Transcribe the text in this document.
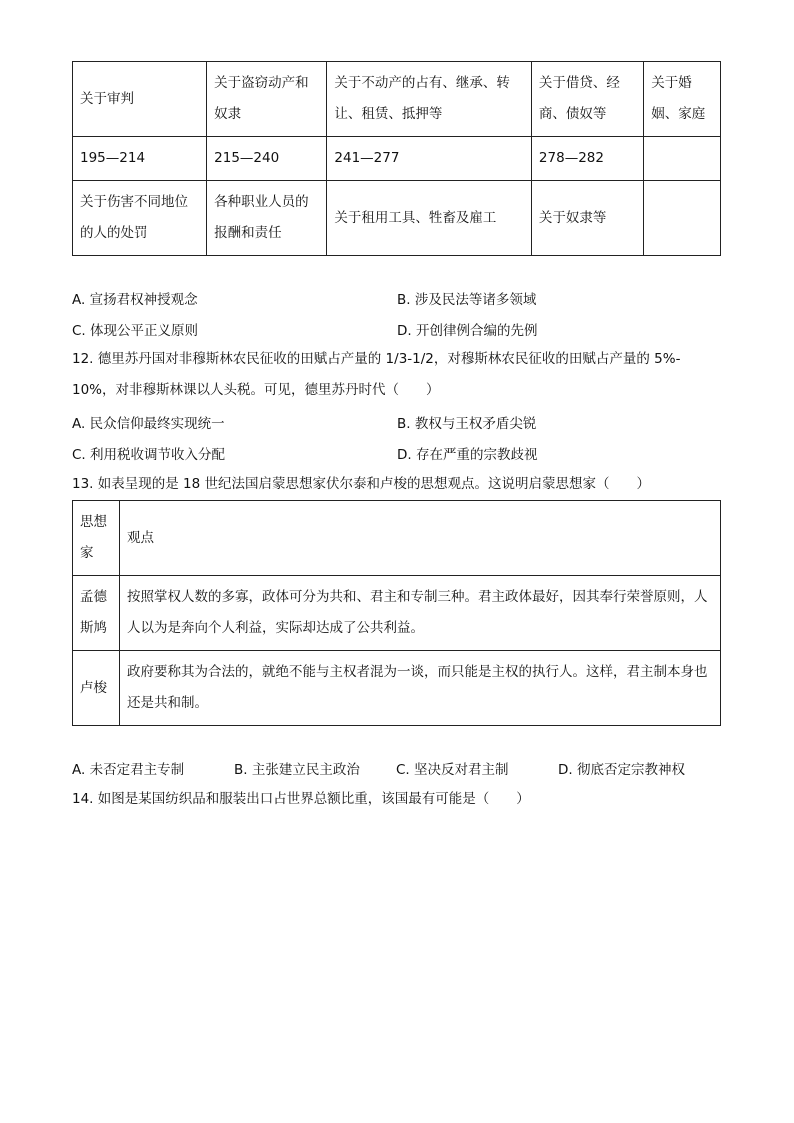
关于审判	关于盗窃动产和奴隶	关于不动产的占有、继承、转让、租赁、抵押等	关于借贷、经商、债奴等	关于婚姻、家庭
195—214	215—240	241—277	278—282	
关于伤害不同地位的人的处罚	各种职业人员的报酬和责任	关于租用工具、牲畜及雇工	关于奴隶等	
A. 宣扬君权神授观念	B. 涉及民法等诸多领域
C. 体现公平正义原则	D. 开创律例合编的先例
12. 德里苏丹国对非穆斯林农民征收的田赋占产量的 1/3-1/2，对穆斯林农民征收的田赋占产量的 5%-
10%，对非穆斯林课以人头税。可见，德里苏丹时代（　　）
A. 民众信仰最终实现统一	B. 教权与王权矛盾尖锐
C. 利用税收调节收入分配	D. 存在严重的宗教歧视
13. 如表呈现的是 18 世纪法国启蒙思想家伏尔泰和卢梭的思想观点。这说明启蒙思想家（　　）
思想家	观点
孟德斯鸠	按照掌权人数的多寡，政体可分为共和、君主和专制三种。君主政体最好，因其奉行荣誉原则，人人以为是奔向个人利益，实际却达成了公共利益。
卢梭	政府要称其为合法的，就绝不能与主权者混为一谈，而只能是主权的执行人。这样，君主制本身也还是共和制。
A. 未否定君主专制	B. 主张建立民主政治	C. 坚决反对君主制	D. 彻底否定宗教神权
14. 如图是某国纺织品和服装出口占世界总额比重，该国最有可能是（　　）
